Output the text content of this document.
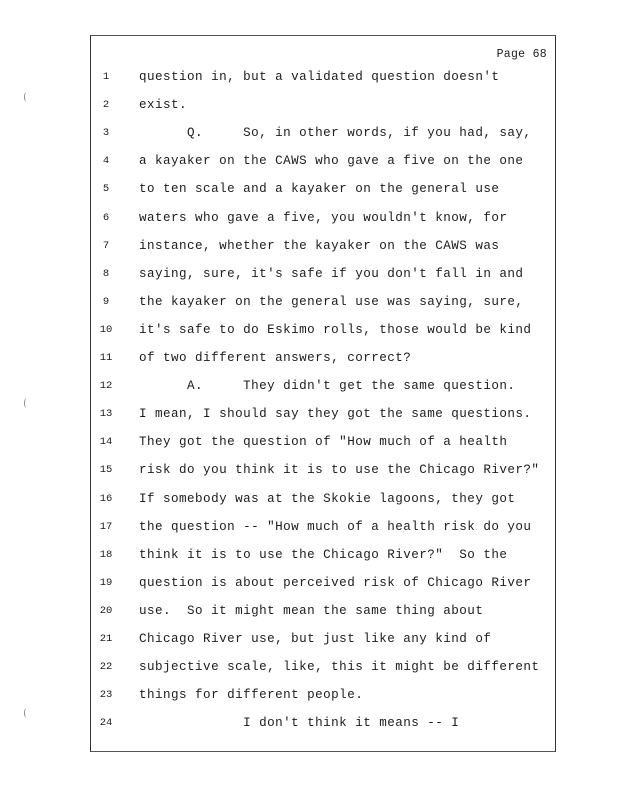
Page 68
1	question in, but a validated question doesn't
2	exist.
3	Q.     So, in other words, if you had, say,
4	a kayaker on the CAWS who gave a five on the one
5	to ten scale and a kayaker on the general use
6	waters who gave a five, you wouldn't know, for
7	instance, whether the kayaker on the CAWS was
8	saying, sure, it's safe if you don't fall in and
9	the kayaker on the general use was saying, sure,
10	it's safe to do Eskimo rolls, those would be kind
11	of two different answers, correct?
12	A.     They didn't get the same question.
13	I mean, I should say they got the same questions.
14	They got the question of "How much of a health
15	risk do you think it is to use the Chicago River?"
16	If somebody was at the Skokie lagoons, they got
17	the question -- "How much of a health risk do you
18	think it is to use the Chicago River?"  So the
19	question is about perceived risk of Chicago River
20	use.  So it might mean the same thing about
21	Chicago River use, but just like any kind of
22	subjective scale, like, this it might be different
23	things for different people.
24	I don't think it means -- I
